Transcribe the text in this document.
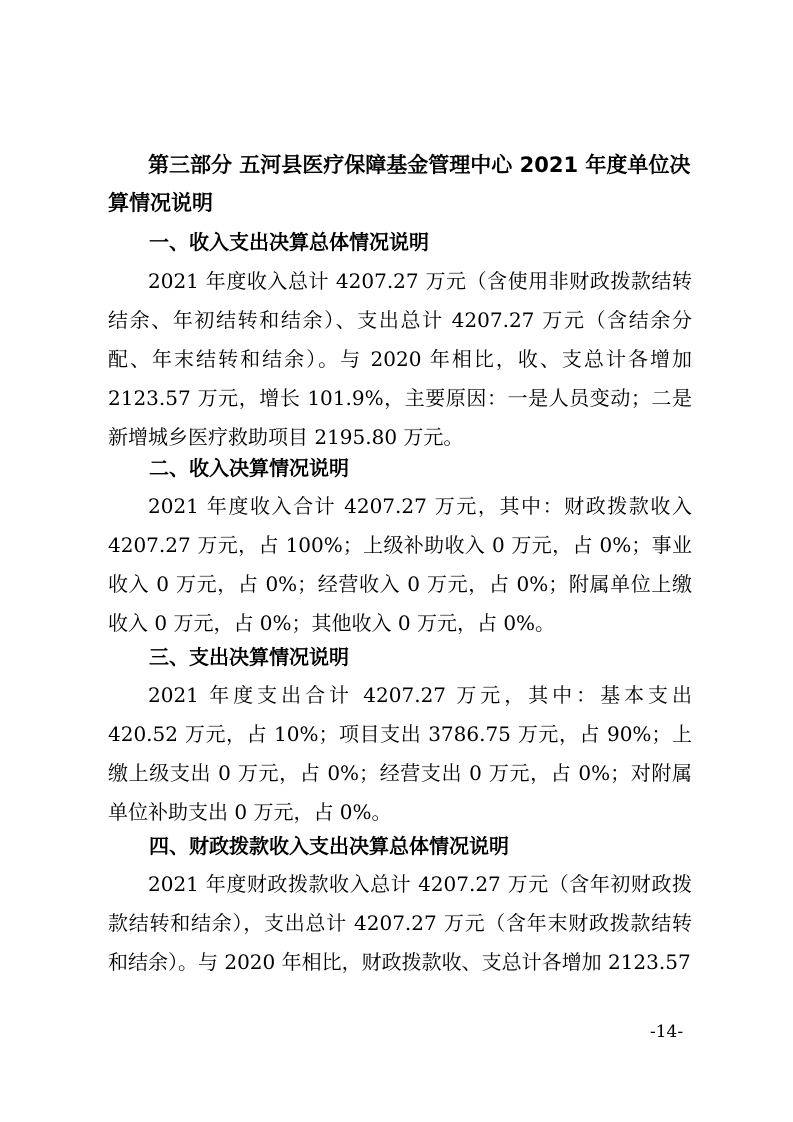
第三部分 五河县医疗保障基金管理中心 2021 年度单位决算情况说明
一、收入支出决算总体情况说明
2021 年度收入总计 4207.27 万元（含使用非财政拨款结转结余、年初结转和结余）、支出总计 4207.27 万元（含结余分配、年末结转和结余）。与 2020 年相比，收、支总计各增加 2123.57 万元，增长 101.9%，主要原因：一是人员变动；二是新增城乡医疗救助项目 2195.80 万元。
二、收入决算情况说明
2021 年度收入合计 4207.27 万元，其中：财政拨款收入 4207.27 万元，占 100%；上级补助收入 0 万元，占 0%；事业收入 0 万元，占 0%；经营收入 0 万元，占 0%；附属单位上缴收入 0 万元，占 0%；其他收入 0 万元，占 0%。
三、支出决算情况说明
2021 年度支出合计 4207.27 万元，其中：基本支出 420.52 万元，占 10%；项目支出 3786.75 万元，占 90%；上缴上级支出 0 万元，占 0%；经营支出 0 万元，占 0%；对附属单位补助支出 0 万元，占 0%。
四、财政拨款收入支出决算总体情况说明
2021 年度财政拨款收入总计 4207.27 万元（含年初财政拨款结转和结余），支出总计 4207.27 万元（含年末财政拨款结转和结余）。与 2020 年相比，财政拨款收、支总计各增加 2123.57
-14-
